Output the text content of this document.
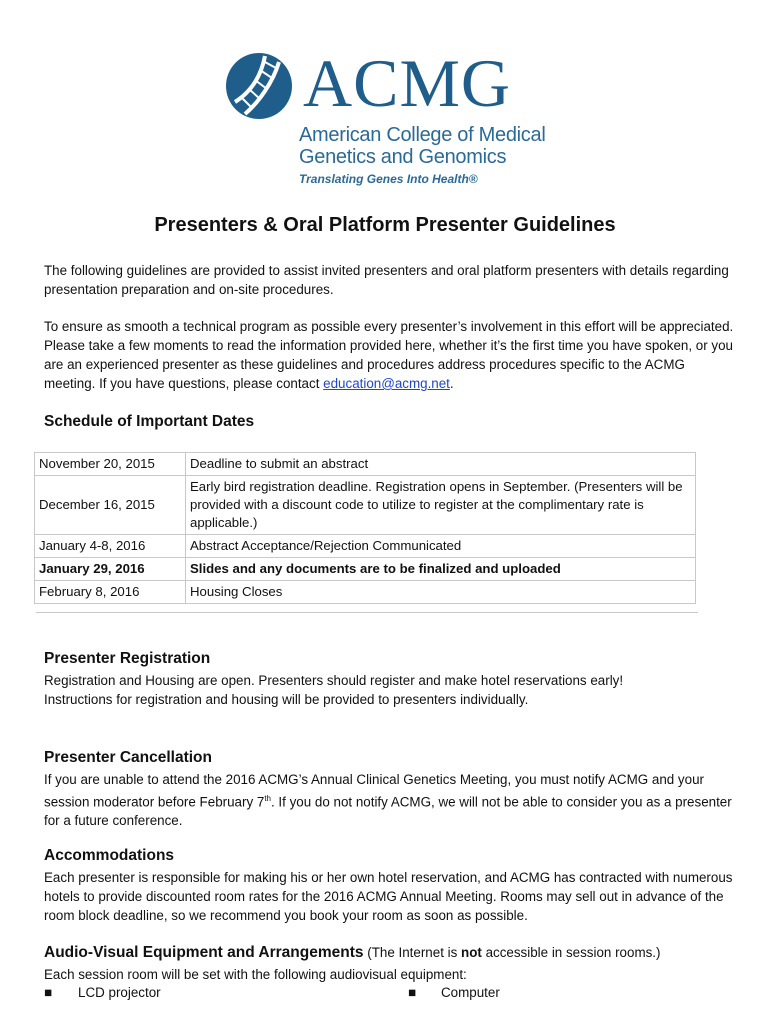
ACMG
American College of Medical
Genetics and Genomics
Translating Genes Into Health®
Presenters & Oral Platform Presenter Guidelines
The following guidelines are provided to assist invited presenters and oral platform presenters with details regarding presentation preparation and on-site procedures.
To ensure as smooth a technical program as possible every presenter’s involvement in this effort will be appreciated. Please take a few moments to read the information provided here, whether it’s the first time you have spoken, or you are an experienced presenter as these guidelines and procedures address procedures specific to the ACMG meeting. If you have questions, please contact education@acmg.net.
Schedule of Important Dates
November 20, 2015	Deadline to submit an abstract
December 16, 2015	Early bird registration deadline. Registration opens in September. (Presenters will be provided with a discount code to utilize to register at the complimentary rate is applicable.)
January 4-8, 2016	Abstract Acceptance/Rejection Communicated
January 29, 2016	Slides and any documents are to be finalized and uploaded
February 8, 2016	Housing Closes
Presenter Registration
Registration and Housing are open. Presenters should register and make hotel reservations early!
Instructions for registration and housing will be provided to presenters individually.
Presenter Cancellation
If you are unable to attend the 2016 ACMG’s Annual Clinical Genetics Meeting, you must notify ACMG and your session moderator before February 7th. If you do not notify ACMG, we will not be able to consider you as a presenter for a future conference.
Accommodations
Each presenter is responsible for making his or her own hotel reservation, and ACMG has contracted with numerous hotels to provide discounted room rates for the 2016 ACMG Annual Meeting. Rooms may sell out in advance of the room block deadline, so we recommend you book your room as soon as possible.
Audio-Visual Equipment and Arrangements (The Internet is not accessible in session rooms.)
Each session room will be set with the following audiovisual equipment:
■ LCD projector	■ Computer
